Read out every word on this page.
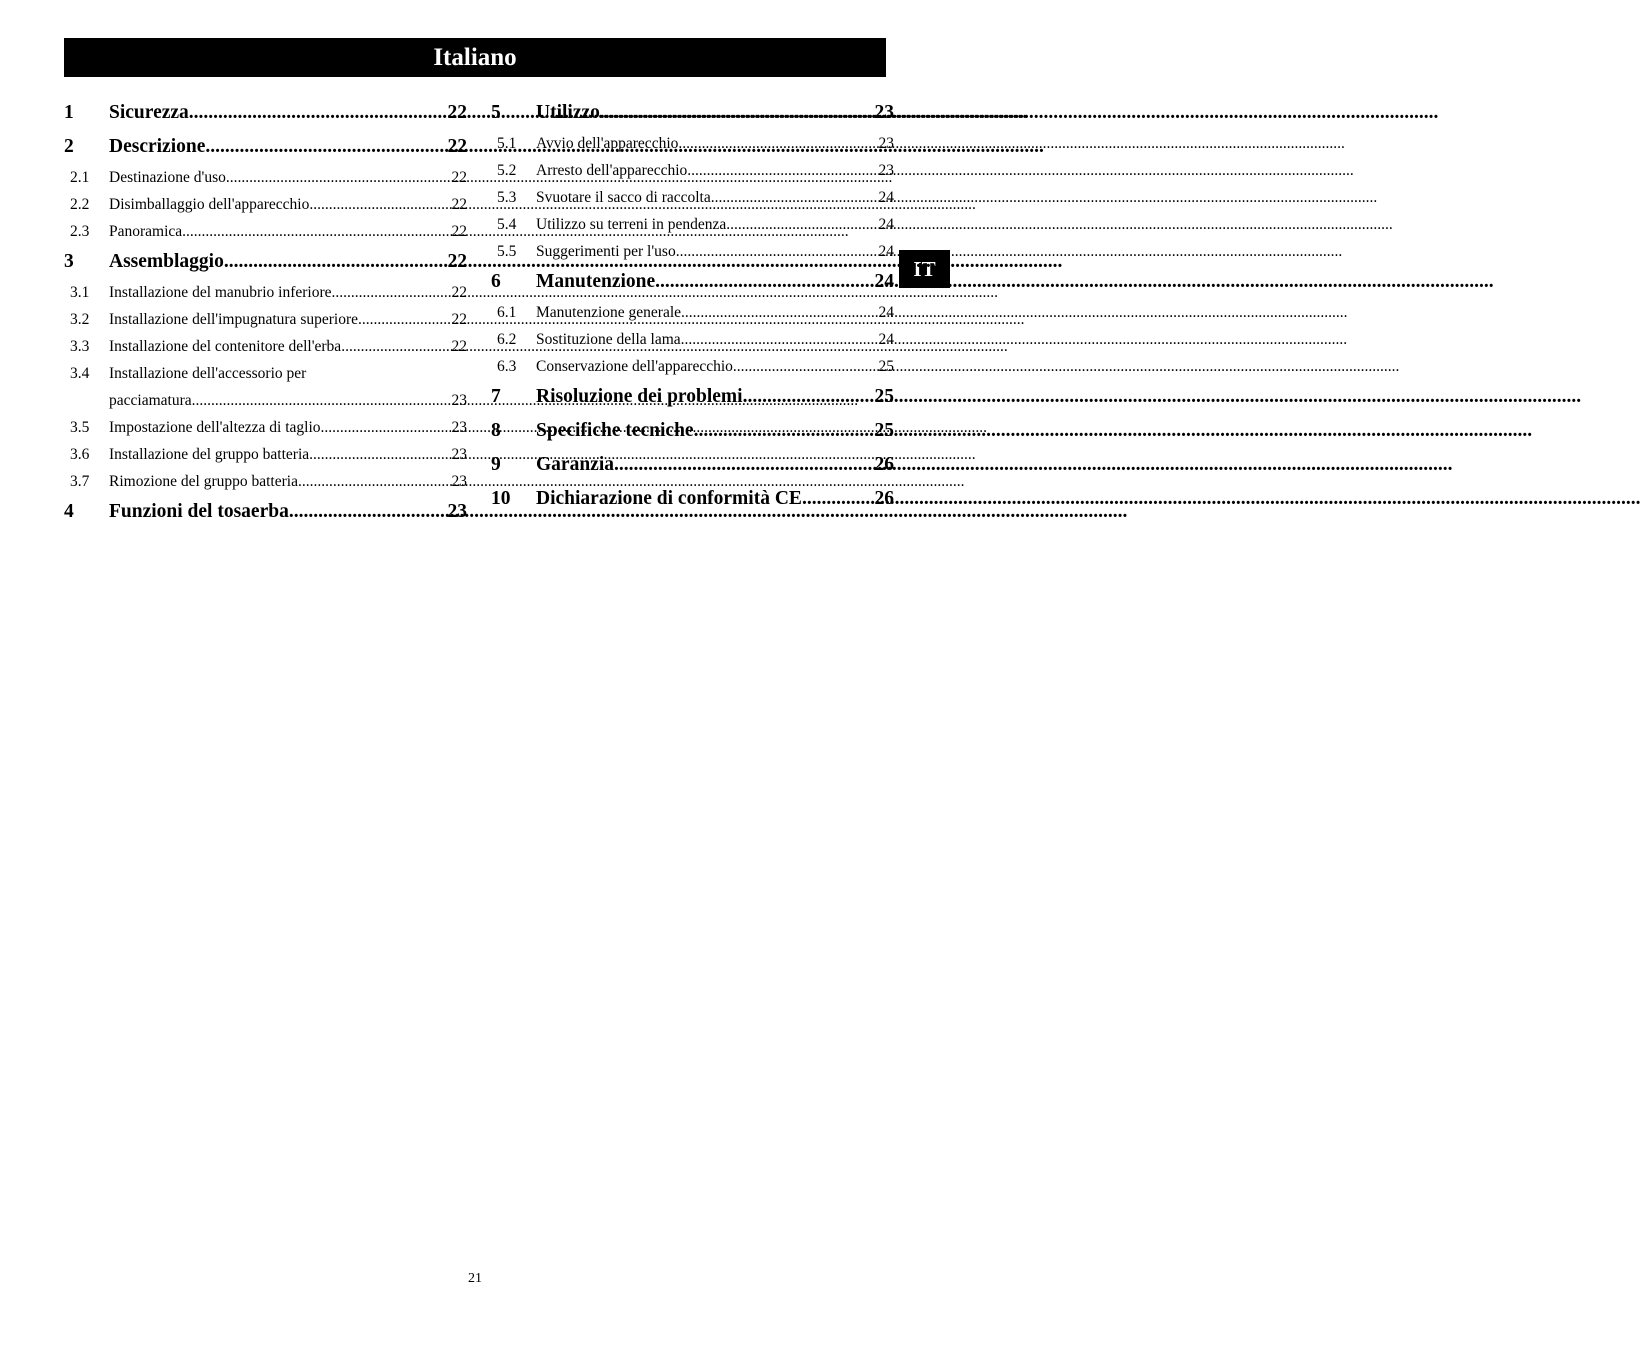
Italiano
IT
1	Sicurezza .....	22
2	Descrizione .....	22
2.1	Destinazione d'uso .....	22
2.2	Disimballaggio dell'apparecchio .....	22
2.3	Panoramica .....	22
3	Assemblaggio .....	22
3.1	Installazione del manubrio inferiore .....	22
3.2	Installazione dell'impugnatura superiore .....	22
3.3	Installazione del contenitore dell'erba .....	22
3.4	Installazione dell'accessorio per
pacciamatura .....	23
3.5	Impostazione dell'altezza di taglio .....	23
3.6	Installazione del gruppo batteria .....	23
3.7	Rimozione del gruppo batteria .....	23
4	Funzioni del tosaerba .....	23
5	Utilizzo .....	23
5.1	Avvio dell'apparecchio .....	23
5.2	Arresto dell'apparecchio .....	23
5.3	Svuotare il sacco di raccolta .....	24
5.4	Utilizzo su terreni in pendenza .....	24
5.5	Suggerimenti per l'uso .....	24
6	Manutenzione .....	24
6.1	Manutenzione generale .....	24
6.2	Sostituzione della lama .....	24
6.3	Conservazione dell'apparecchio .....	25
7	Risoluzione dei problemi .....	25
8	Specifiche tecniche .....	25
9	Garanzia .....	26
10	Dichiarazione di conformità CE .....	26
21
